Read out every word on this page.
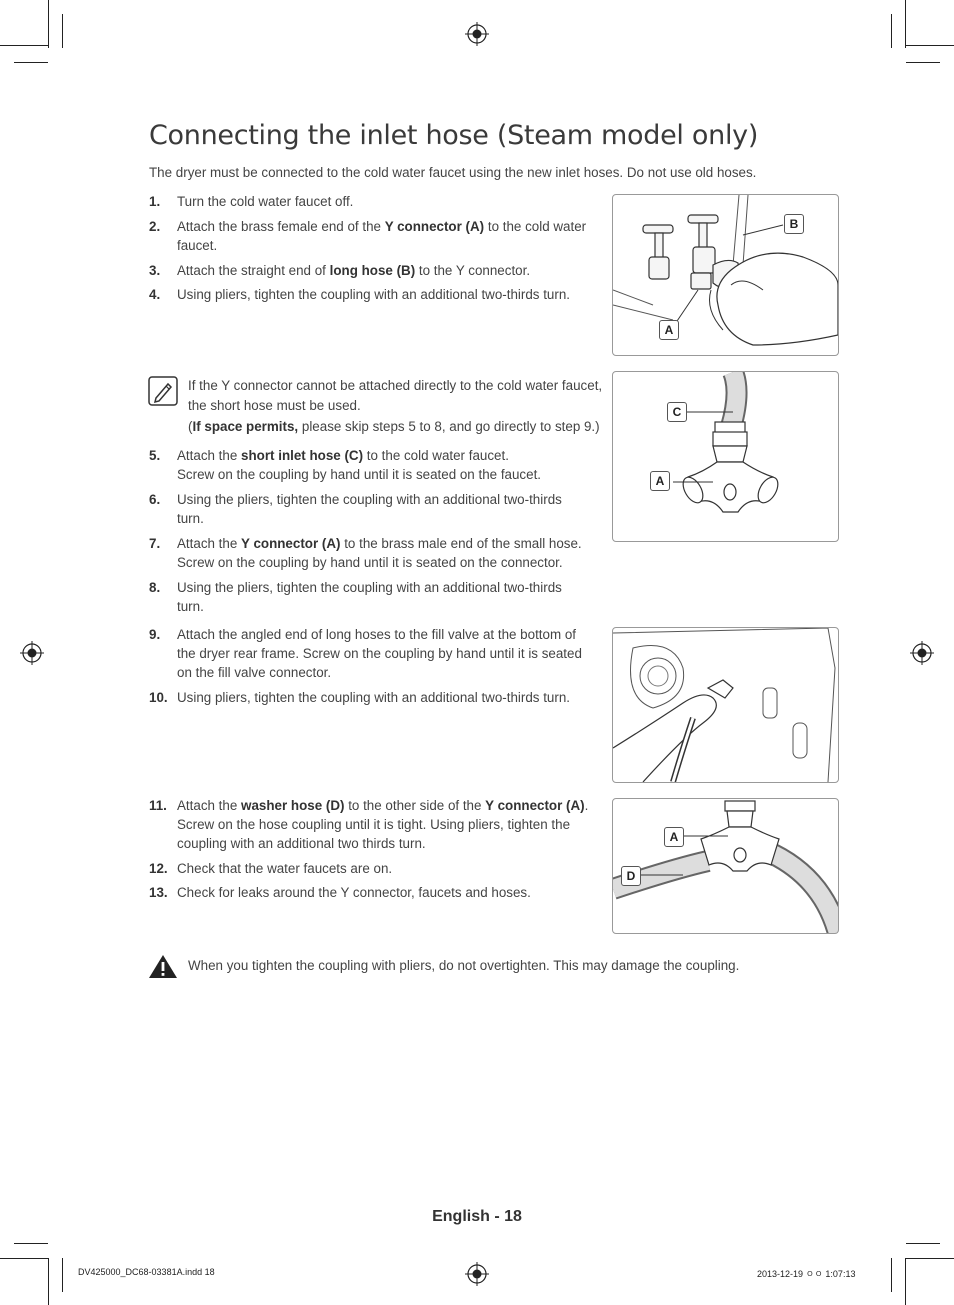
Connecting the inlet hose (Steam model only)
The dryer must be connected to the cold water faucet using the new inlet hoses. Do not use old hoses.
1. Turn the cold water faucet off.
2. Attach the brass female end of the Y connector (A) to the cold water faucet.
3. Attach the straight end of long hose (B) to the Y connector.
4. Using pliers, tighten the coupling with an additional two-thirds turn.
B
A
If the Y connector cannot be attached directly to the cold water faucet, the short hose must be used.
(If space permits, please skip steps 5 to 8, and go directly to step 9.)
C
A
5. Attach the short inlet hose (C) to the cold water faucet.
Screw on the coupling by hand until it is seated on the faucet.
6. Using the pliers, tighten the coupling with an additional two-thirds turn.
7. Attach the Y connector (A) to the brass male end of the small hose.
Screw on the coupling by hand until it is seated on the connector.
8. Using the pliers, tighten the coupling with an additional two-thirds turn.
9. Attach the angled end of long hoses to the fill valve at the bottom of the dryer rear frame. Screw on the coupling by hand until it is seated on the fill valve connector.
10. Using pliers, tighten the coupling with an additional two-thirds turn.
11. Attach the washer hose (D) to the other side of the Y connector (A). Screw on the hose coupling until it is tight. Using pliers, tighten the coupling with an additional two thirds turn.
12. Check that the water faucets are on.
13. Check for leaks around the Y connector, faucets and hoses.
A
D
When you tighten the coupling with pliers, do not overtighten. This may damage the coupling.
English - 18
DV425000_DC68-03381A.indd 18	2013-12-19 ㅇㅇ 1:07:13
